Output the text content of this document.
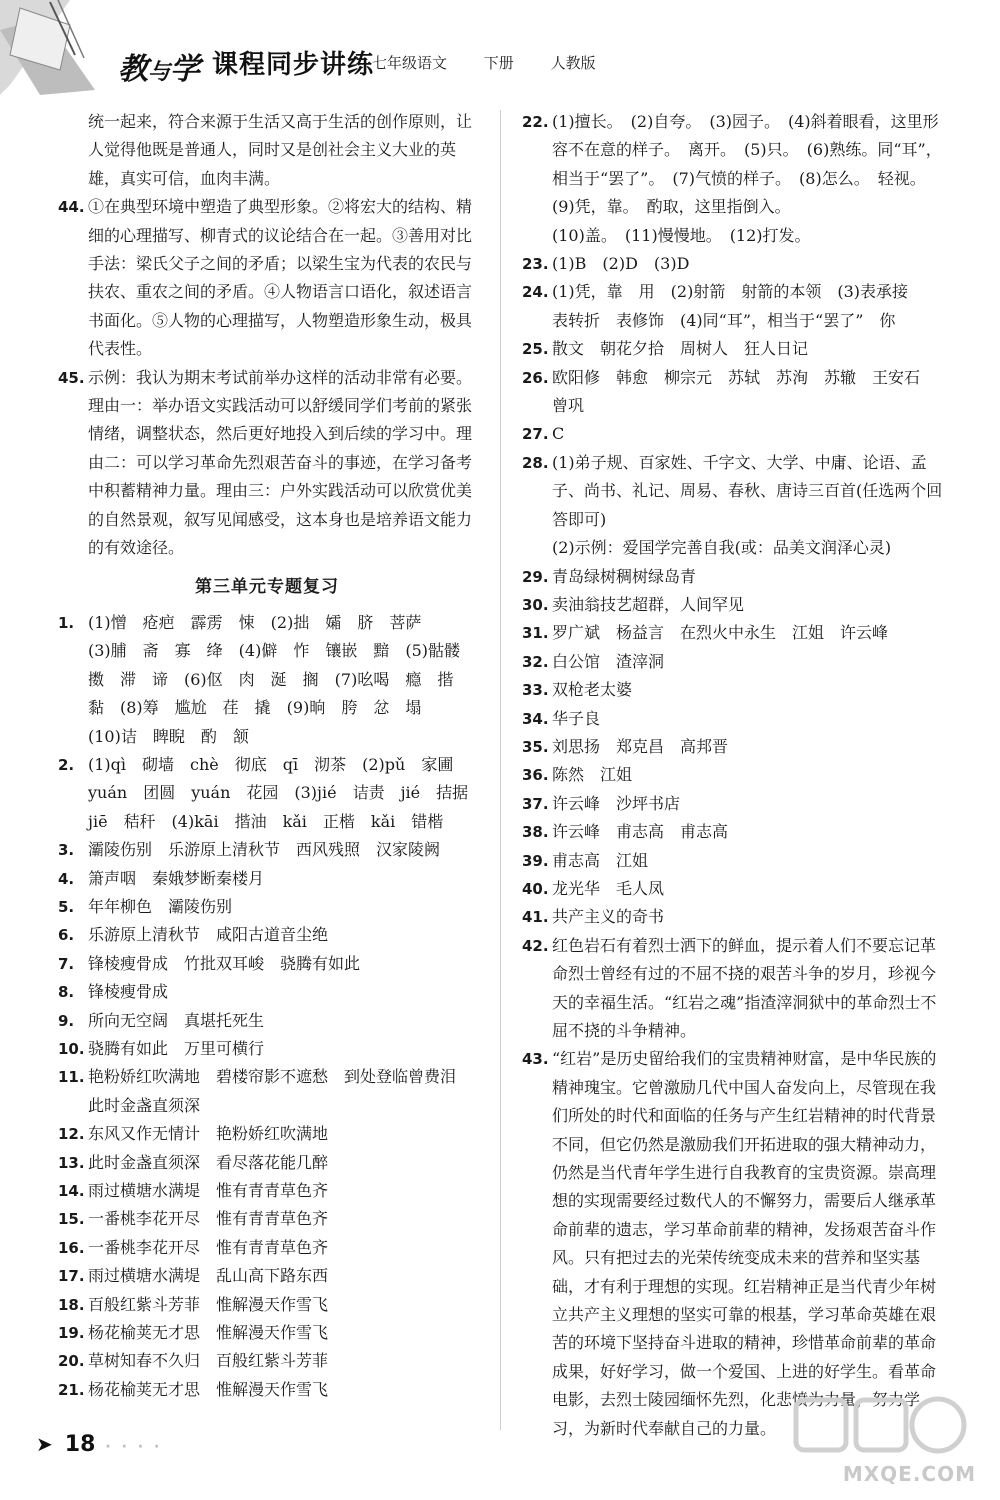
教与学 课程同步讲练
七年级语文 下册 人教版
统一起来，符合来源于生活又高于生活的创作原则，让人觉得他既是普通人，同时又是创社会主义大业的英雄，真实可信，血肉丰满。
44. ①在典型环境中塑造了典型形象。②将宏大的结构、精细的心理描写、柳青式的议论结合在一起。③善用对比手法：梁氏父子之间的矛盾；以梁生宝为代表的农民与扶农、重农之间的矛盾。④人物语言口语化，叙述语言书面化。⑤人物的心理描写，人物塑造形象生动，极具代表性。
45. 示例：我认为期末考试前举办这样的活动非常有必要。理由一：举办语文实践活动可以舒缓同学们考前的紧张情绪，调整状态，然后更好地投入到后续的学习中。理由二：可以学习革命先烈艰苦奋斗的事迹，在学习备考中积蓄精神力量。理由三：户外实践活动可以欣赏优美的自然景观，叙写见闻感受，这本身也是培养语文能力的有效途径。
第三单元专题复习
1. (1)憎　疮疤　霹雳　悚　(2)拙　孀　脐　菩萨
(3)脯　斋　寡　绛　(4)僻　怍　镶嵌　黯　(5)骷髅
擞　滞　谛　(6)伛　肉　涎　搁　(7)吆喝　瘾　揩
黏　(8)筹　尴尬　荏　撬　(9)晌　胯　忿　塌
(10)诘　睥睨　酌　颔
2. (1)qì　砌墙　chè　彻底　qī　沏茶　(2)pǔ　家圃
yuán　团圆　yuán　花园　(3)jié　诘责　jié　拮据
jiē　秸秆　(4)kāi　揩油　kǎi　正楷　kǎi　错楷
3. 灞陵伤别　乐游原上清秋节　西风残照　汉家陵阙
4. 箫声咽　秦娥梦断秦楼月
5. 年年柳色　灞陵伤别
6. 乐游原上清秋节　咸阳古道音尘绝
7. 锋棱瘦骨成　竹批双耳峻　骁腾有如此
8. 锋棱瘦骨成
9. 所向无空阔　真堪托死生
10. 骁腾有如此　万里可横行
11. 艳粉娇红吹满地　碧楼帘影不遮愁　到处登临曾费泪
此时金盏直须深
12. 东风又作无情计　艳粉娇红吹满地
13. 此时金盏直须深　看尽落花能几醉
14. 雨过横塘水满堤　惟有青青草色齐
15. 一番桃李花开尽　惟有青青草色齐
16. 一番桃李花开尽　惟有青青草色齐
17. 雨过横塘水满堤　乱山高下路东西
18. 百般红紫斗芳菲　惟解漫天作雪飞
19. 杨花榆荚无才思　惟解漫天作雪飞
20. 草树知春不久归　百般红紫斗芳菲
21. 杨花榆荚无才思　惟解漫天作雪飞
22. (1)擅长。　(2)自夸。　(3)园子。　(4)斜着眼看，这里形容不在意的样子。　离开。　(5)只。　(6)熟练。同“耳”，相当于“罢了”。　(7)气愤的样子。　(8)怎么。　轻视。　(9)凭，靠。　酌取，这里指倒入。
(10)盖。　(11)慢慢地。　(12)打发。
23. (1)B　(2)D　(3)D
24. (1)凭，靠　用　(2)射箭　射箭的本领　(3)表承接
表转折　表修饰　(4)同“耳”，相当于“罢了”　你
25. 散文　朝花夕拾　周树人　狂人日记
26. 欧阳修　韩愈　柳宗元　苏轼　苏洵　苏辙　王安石
曾巩
27. C
28. (1)弟子规、百家姓、千字文、大学、中庸、论语、孟子、尚书、礼记、周易、春秋、唐诗三百首(任选两个回答即可)
(2)示例：爱国学完善自我(或：品美文润泽心灵)
29. 青岛绿树稠树绿岛青
30. 卖油翁技艺超群，人间罕见
31. 罗广斌　杨益言　在烈火中永生　江姐　许云峰
32. 白公馆　渣滓洞
33. 双枪老太婆
34. 华子良
35. 刘思扬　郑克昌　高邦晋
36. 陈然　江姐
37. 许云峰　沙坪书店
38. 许云峰　甫志高　甫志高
39. 甫志高　江姐
40. 龙光华　毛人凤
41. 共产主义的奇书
42. 红色岩石有着烈士洒下的鲜血，提示着人们不要忘记革命烈士曾经有过的不屈不挠的艰苦斗争的岁月，珍视今天的幸福生活。“红岩之魂”指渣滓洞狱中的革命烈士不屈不挠的斗争精神。
43. “红岩”是历史留给我们的宝贵精神财富，是中华民族的精神瑰宝。它曾激励几代中国人奋发向上，尽管现在我们所处的时代和面临的任务与产生红岩精神的时代背景不同，但它仍然是激励我们开拓进取的强大精神动力，仍然是当代青年学生进行自我教育的宝贵资源。崇高理想的实现需要经过数代人的不懈努力，需要后人继承革命前辈的遗志，学习革命前辈的精神，发扬艰苦奋斗作风。只有把过去的光荣传统变成未来的营养和坚实基础，才有利于理想的实现。红岩精神正是当代青少年树立共产主义理想的坚实可靠的根基，学习革命英雄在艰苦的环境下坚持奋斗进取的精神，珍惜革命前辈的革命成果，好好学习，做一个爱国、上进的好学生。看革命电影，去烈士陵园缅怀先烈，化悲愤为力量，努力学习，为新时代奉献自己的力量。
➤ 18 · · · ·
MXQE.COM
